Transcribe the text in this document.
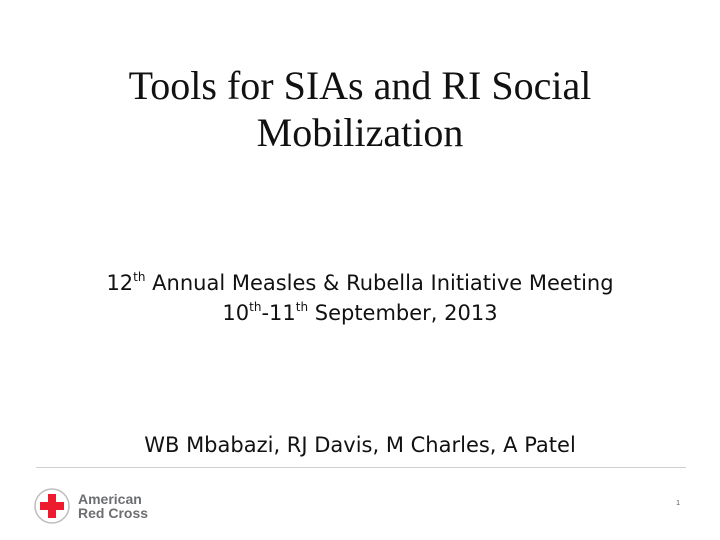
Tools for SIAs and RI Social
Mobilization
12th Annual Measles & Rubella Initiative Meeting
10th-11th September, 2013
WB Mbabazi, RJ Davis, M Charles, A Patel
American
Red Cross
1
